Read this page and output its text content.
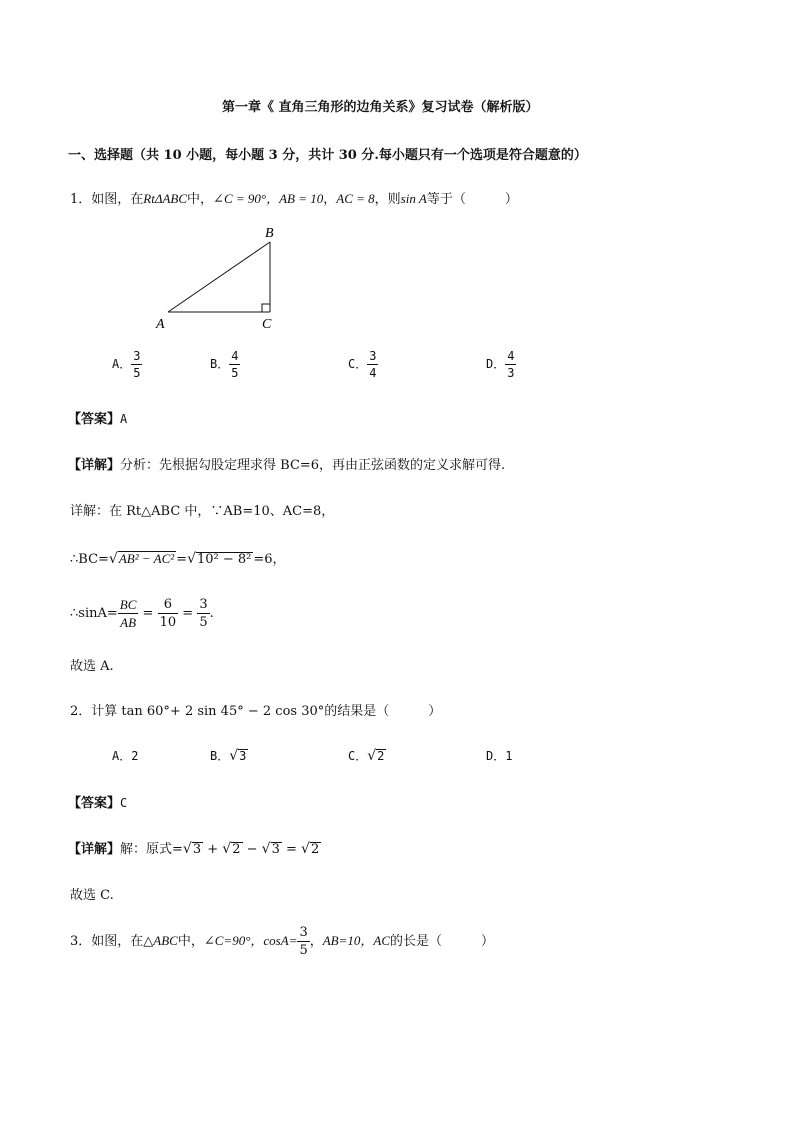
第一章《 直角三角形的边角关系》复习试卷（解析版）
一、选择题（共 10 小题，每小题 3 分，共计 30 分.每小题只有一个选项是符合题意的）
1．如图，在RtΔABC中，∠C = 90°，AB = 10，AC = 8，则sin A等于（　　　）
A
B
C
A． $\frac{3}{5}$	B． $\frac{4}{5}$	C． $\frac{3}{4}$	D． $\frac{4}{3}$
【答案】A
【详解】分析：先根据勾股定理求得 BC=6，再由正弦函数的定义求解可得.
详解：在 Rt△ABC 中，∵AB=10、AC=8，
∴BC=√AB² − AC² =√10² − 8² =6，
∴sinA= $\frac{BC}{AB} = \frac{6}{10} = \frac{3}{5}$ .
故选 A.
2．计算 tan 60°+ 2 sin 45° − 2 cos 30°的结果是（　　　）
A．2	B．√3	C．√2	D．1
【答案】C
【详解】解：原式=√3 + √2 − √3 = √2
故选 C.
3．如图，在△ABC中，∠C=90°，$\cos A= \frac{3}{5}$ ，AB=10，AC的长是（　　　）
